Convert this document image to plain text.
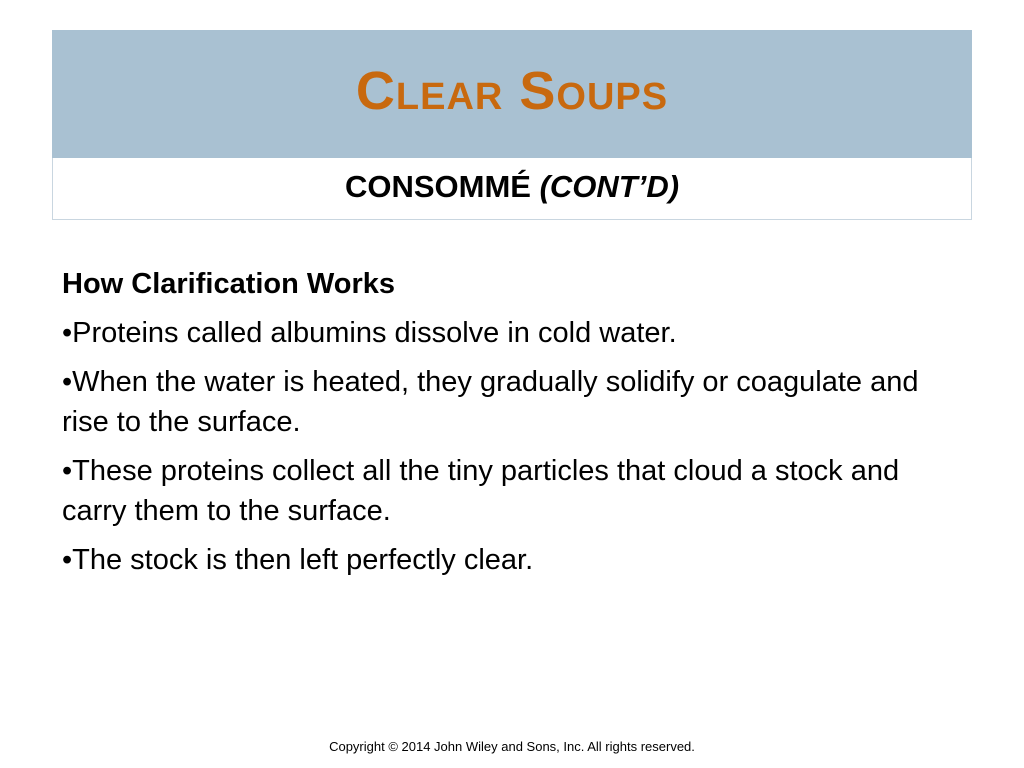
Clear Soups
CONSOMMÉ (CONT’D)

How Clarification Works

•Proteins called albumins dissolve in cold water.

•When the water is heated, they gradually solidify or coagulate and rise to the surface.

•These proteins collect all the tiny particles that cloud a stock and carry them to the surface.

•The stock is then left perfectly clear.

Copyright © 2014 John Wiley and Sons, Inc. All rights reserved.
